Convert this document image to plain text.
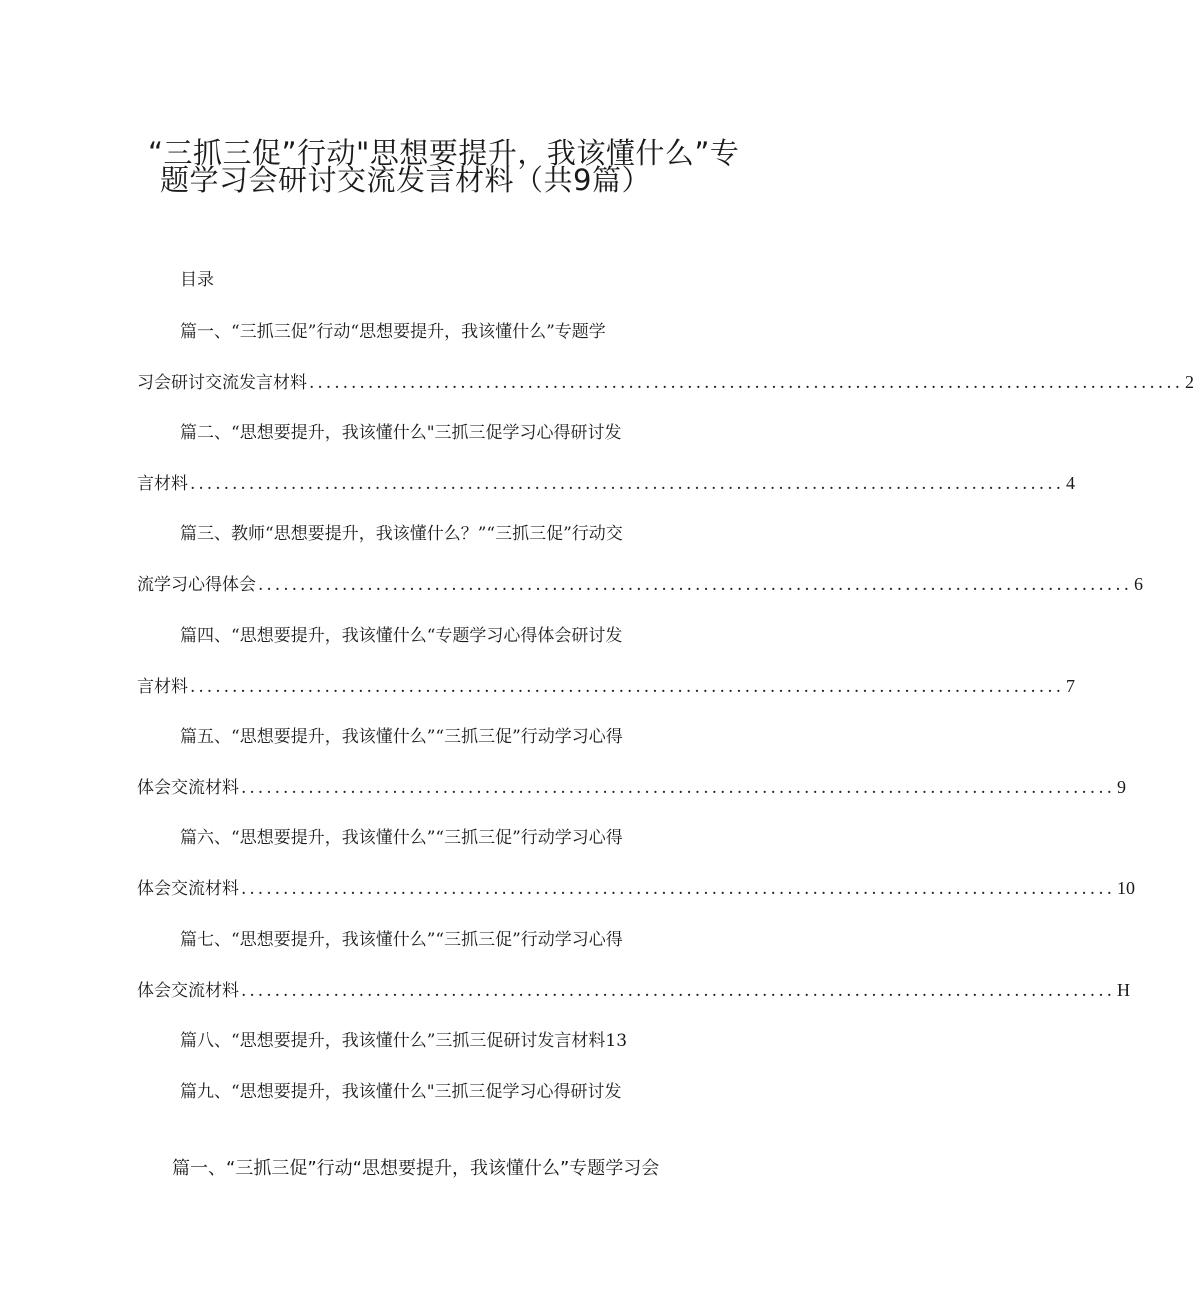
“三抓三促”行动"思想要提升，我该懂什么”专
题学习会研讨交流发言材料（共9篇）
目录
篇一、“三抓三促”行动“思想要提升，我该懂什么”专题学
习会研讨交流发言材料 ........................................................................................................ 2
篇二、“思想要提升，我该懂什么"三抓三促学习心得研讨发
言材料 ........................................................................................................ 4
篇三、教师“思想要提升，我该懂什么？”“三抓三促”行动交
流学习心得体会 ........................................................................................................ 6
篇四、“思想要提升，我该懂什么“专题学习心得体会研讨发
言材料 ........................................................................................................ 7
篇五、“思想要提升，我该懂什么”“三抓三促”行动学习心得
体会交流材料 ........................................................................................................ 9
篇六、“思想要提升，我该懂什么”“三抓三促”行动学习心得
体会交流材料 ........................................................................................................ 10
篇七、“思想要提升，我该懂什么”“三抓三促”行动学习心得
体会交流材料 ........................................................................................................ H
篇八、“思想要提升，我该懂什么”三抓三促研讨发言材料13
篇九、“思想要提升，我该懂什么"三抓三促学习心得研讨发
篇一、“三抓三促”行动“思想要提升，我该懂什么”专题学习会
